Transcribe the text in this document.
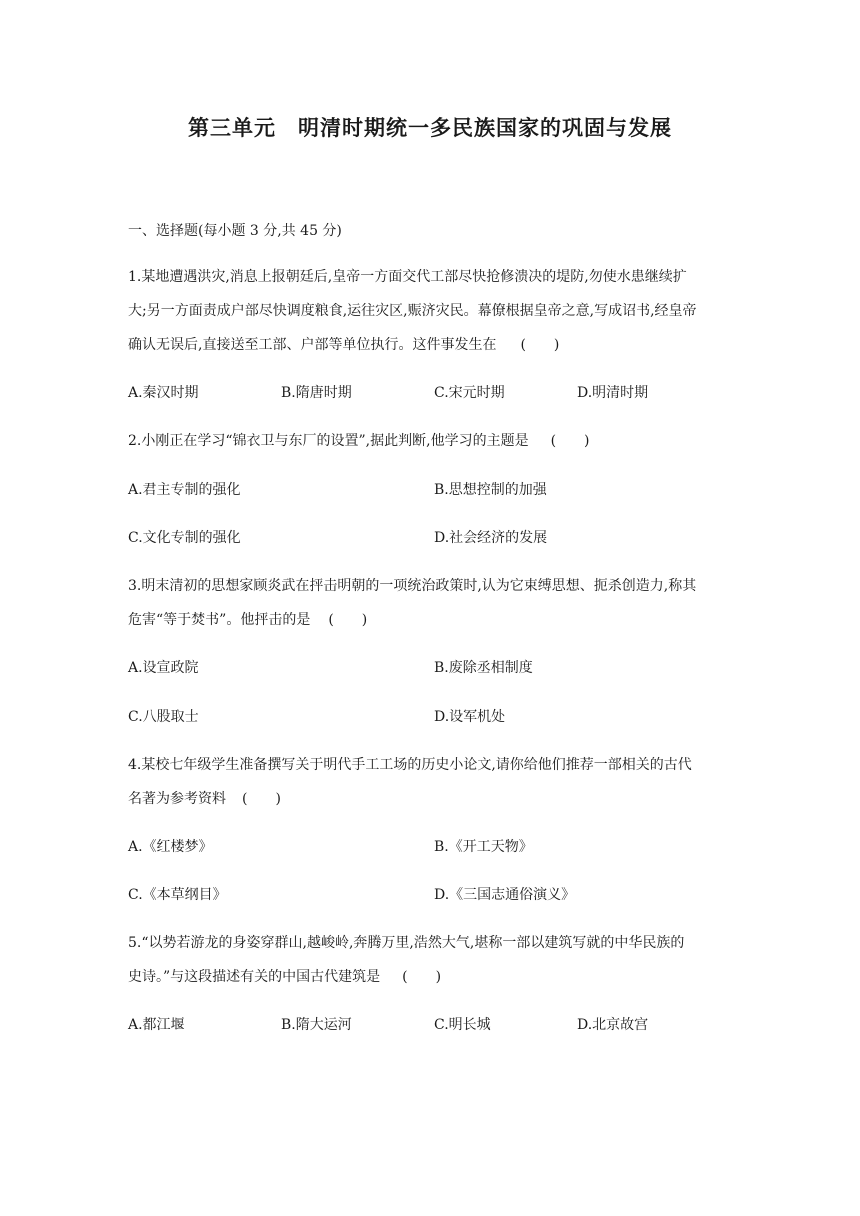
第三单元　明清时期统一多民族国家的巩固与发展
一、选择题(每小题 3 分,共 45 分)
1.某地遭遇洪灾,消息上报朝廷后,皇帝一方面交代工部尽快抢修溃决的堤防,勿使水患继续扩
大;另一方面责成户部尽快调度粮食,运往灾区,赈济灾民。幕僚根据皇帝之意,写成诏书,经皇帝
确认无误后,直接送至工部、户部等单位执行。这件事发生在 (　　)
A.秦汉时期	B.隋唐时期	C.宋元时期	D.明清时期
2.小刚正在学习“锦衣卫与东厂的设置”,据此判断,他学习的主题是 (　　)
A.君主专制的强化	B.思想控制的加强
C.文化专制的强化	D.社会经济的发展
3.明末清初的思想家顾炎武在抨击明朝的一项统治政策时,认为它束缚思想、扼杀创造力,称其
危害“等于焚书”。他抨击的是 (　　)
A.设宣政院	B.废除丞相制度
C.八股取士	D.设军机处
4.某校七年级学生准备撰写关于明代手工工场的历史小论文,请你给他们推荐一部相关的古代
名著为参考资料 (　　)
A.《红楼梦》	B.《开工天物》
C.《本草纲目》	D.《三国志通俗演义》
5.“以势若游龙的身姿穿群山,越峻岭,奔腾万里,浩然大气,堪称一部以建筑写就的中华民族的
史诗。”与这段描述有关的中国古代建筑是 (　　)
A.都江堰	B.隋大运河	C.明长城	D.北京故宫
